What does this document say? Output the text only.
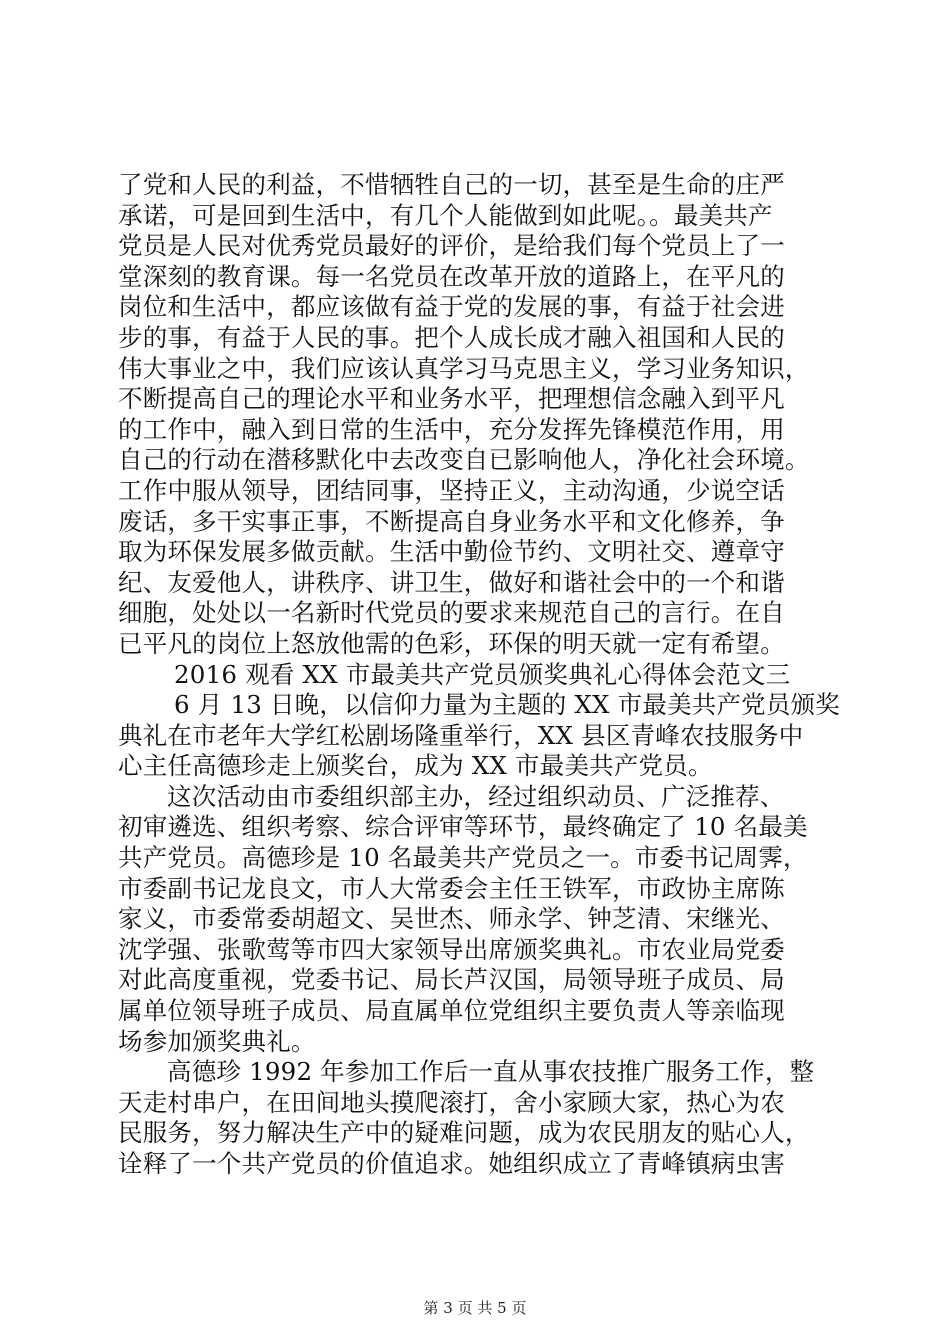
了党和人民的利益，不惜牺牲自己的一切，甚至是生命的庄严
承诺，可是回到生活中，有几个人能做到如此呢。。最美共产
党员是人民对优秀党员最好的评价，是给我们每个党员上了一
堂深刻的教育课。每一名党员在改革开放的道路上，在平凡的
岗位和生活中，都应该做有益于党的发展的事，有益于社会进
步的事，有益于人民的事。把个人成长成才融入祖国和人民的
伟大事业之中，我们应该认真学习马克思主义，学习业务知识，
不断提高自己的理论水平和业务水平，把理想信念融入到平凡
的工作中，融入到日常的生活中，充分发挥先锋模范作用，用
自己的行动在潜移默化中去改变自已影响他人，净化社会环境。
工作中服从领导，团结同事，坚持正义，主动沟通，少说空话
废话，多干实事正事，不断提高自身业务水平和文化修养，争
取为环保发展多做贡献。生活中勤俭节约、文明社交、遵章守
纪、友爱他人，讲秩序、讲卫生，做好和谐社会中的一个和谐
细胞，处处以一名新时代党员的要求来规范自己的言行。在自
已平凡的岗位上怒放他需的色彩，环保的明天就一定有希望。
2016 观看 XX 市最美共产党员颁奖典礼心得体会范文三
6 月 13 日晚，以信仰力量为主题的 XX 市最美共产党员颁奖
典礼在市老年大学红松剧场隆重举行，XX 县区青峰农技服务中
心主任高德珍走上颁奖台，成为 XX 市最美共产党员。
这次活动由市委组织部主办，经过组织动员、广泛推荐、
初审遴选、组织考察、综合评审等环节，最终确定了 10 名最美
共产党员。高德珍是 10 名最美共产党员之一。市委书记周霁，
市委副书记龙良文，市人大常委会主任王铁军，市政协主席陈
家义，市委常委胡超文、吴世杰、师永学、钟芝清、宋继光、
沈学强、张歌莺等市四大家领导出席颁奖典礼。市农业局党委
对此高度重视，党委书记、局长芦汉国，局领导班子成员、局
属单位领导班子成员、局直属单位党组织主要负责人等亲临现
场参加颁奖典礼。
高德珍 1992 年参加工作后一直从事农技推广服务工作，整
天走村串户，在田间地头摸爬滚打，舍小家顾大家，热心为农
民服务，努力解决生产中的疑难问题，成为农民朋友的贴心人，
诠释了一个共产党员的价值追求。她组织成立了青峰镇病虫害
第 3 页 共 5 页
